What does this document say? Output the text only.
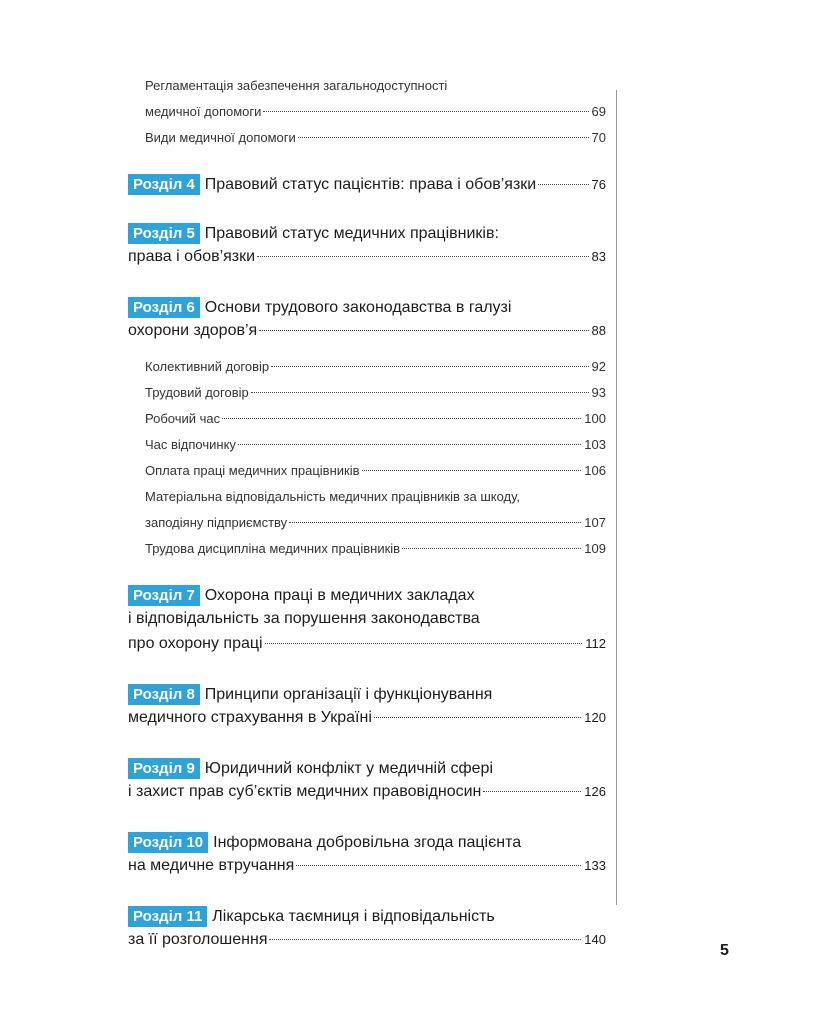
Регламентація забезпечення загальнодоступності
медичної допомоги	69
Види медичної допомоги	70
Розділ 4 Правовий статус пацієнтів: права і обов’язки	76
Розділ 5 Правовий статус медичних працівників:
права і обов’язки	83
Розділ 6 Основи трудового законодавства в галузі
охорони здоров’я	88
Колективний договір	92
Трудовий договір	93
Робочий час	100
Час відпочинку	103
Оплата праці медичних працівників	106
Матеріальна відповідальність медичних працівників за шкоду,
заподіяну підприємству	107
Трудова дисципліна медичних працівників	109
Розділ 7 Охорона праці в медичних закладах
і відповідальність за порушення законодавства
про охорону праці	112
Розділ 8 Принципи організації і функціонування
медичного страхування в Україні	120
Розділ 9 Юридичний конфлікт у медичній сфері
і захист прав суб’єктів медичних правовідносин	126
Розділ 10 Інформована добровільна згода пацієнта
на медичне втручання	133
Розділ 11 Лікарська таємниця і відповідальність
за її розголошення	140
5
